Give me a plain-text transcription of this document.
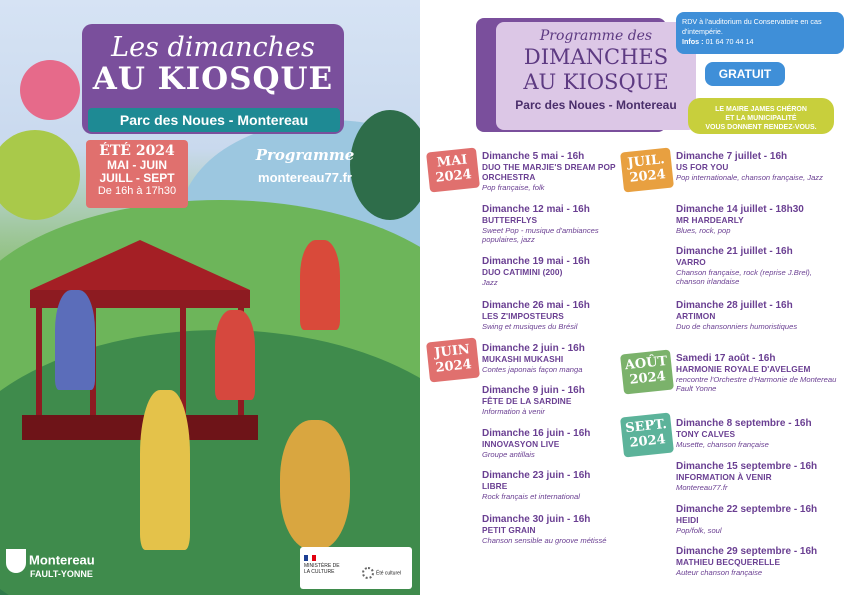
Les dimanches
AU KIOSQUE
Parc des Noues - Montereau
ÉTÉ 2024
MAI - JUIN
JUILL - SEPT
De 16h à 17h30
Programme
montereau77.fr
Montereau
FAULT-YONNE
MINISTÈRE DE LA CULTURE	Été culturel
Programme des
DIMANCHES
AU KIOSQUE
Parc des Noues - Montereau
RDV à l'auditorium du Conservatoire en cas d'intempérie.
Infos : 01 64 70 44 14
GRATUIT
LE MAIRE JAMES CHÉRON
ET LA MUNICIPALITÉ
VOUS DONNENT RENDEZ-VOUS.
MAI
2024
JUIN
2024
JUIL.
2024
AOÛT
2024
SEPT.
2024
Dimanche 5 mai - 16h
DUO THE MARJIE'S DREAM POP ORCHESTRA
Pop française, folk
Dimanche 12 mai - 16h
BUTTERFLYS
Sweet Pop - musique d'ambiances populaires, jazz
Dimanche 19 mai - 16h
DUO CATIMINI (200)
Jazz
Dimanche 26 mai - 16h
LES Z'IMPOSTEURS
Swing et musiques du Brésil
Dimanche 2 juin - 16h
MUKASHI MUKASHI
Contes japonais façon manga
Dimanche 9 juin - 16h
FÊTE DE LA SARDINE
Information à venir
Dimanche 16 juin - 16h
INNOVASYON LIVE
Groupe antillais
Dimanche 23 juin - 16h
LIBRE
Rock français et international
Dimanche 30 juin - 16h
PETIT GRAIN
Chanson sensible au groove métissé
Dimanche 7 juillet - 16h
US FOR YOU
Pop internationale, chanson française, Jazz
Dimanche 14 juillet - 18h30
MR HARDEARLY
Blues, rock, pop
Dimanche 21 juillet - 16h
VARRO
Chanson française, rock (reprise J.Brel), chanson irlandaise
Dimanche 28 juillet - 16h
ARTIMON
Duo de chansonniers humoristiques
Samedi 17 août - 16h
HARMONIE ROYALE D'AVELGEM
rencontre l'Orchestre d'Harmonie de Montereau Fault Yonne
Dimanche 8 septembre - 16h
TONY CALVES
Musette, chanson française
Dimanche 15 septembre - 16h
INFORMATION À VENIR
Montereau77.fr
Dimanche 22 septembre - 16h
HEIDI
Pop/folk, soul
Dimanche 29 septembre - 16h
MATHIEU BECQUERELLE
Auteur chanson française
